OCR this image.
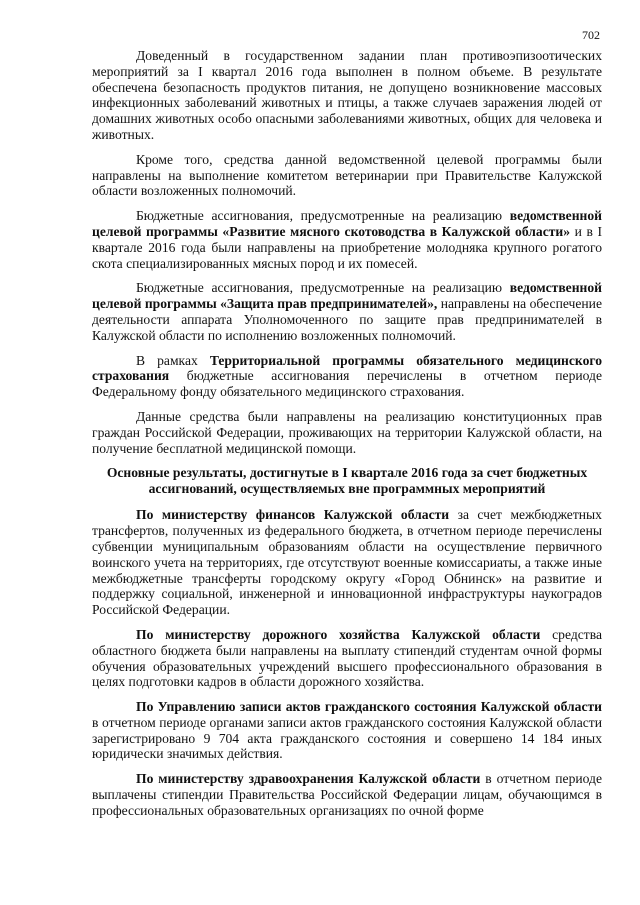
702

Доведенный в государственном задании план противоэпизоотических мероприятий за I квартал 2016 года выполнен в полном объеме. В результате обеспечена безопасность продуктов питания, не допущено возникновение массовых инфекционных заболеваний животных и птицы, а также случаев заражения людей от домашних животных особо опасными заболеваниями животных, общих для человека и животных.

Кроме того, средства данной ведомственной целевой программы были направлены на выполнение комитетом ветеринарии при Правительстве Калужской области возложенных полномочий.

Бюджетные ассигнования, предусмотренные на реализацию ведомственной целевой программы «Развитие мясного скотоводства в Калужской области» и в I квартале 2016 года были направлены на приобретение молодняка крупного рогатого скота специализированных мясных пород и их помесей.

Бюджетные ассигнования, предусмотренные на реализацию ведомственной целевой программы «Защита прав предпринимателей», направлены на обеспечение деятельности аппарата Уполномоченного по защите прав предпринимателей в Калужской области по исполнению возложенных полномочий.

В рамках Территориальной программы обязательного медицинского страхования бюджетные ассигнования перечислены в отчетном периоде Федеральному фонду обязательного медицинского страхования.

Данные средства были направлены на реализацию конституционных прав граждан Российской Федерации, проживающих на территории Калужской области, на получение бесплатной медицинской помощи.

Основные результаты, достигнутые в I квартале 2016 года за счет бюджетных ассигнований, осуществляемых вне программных мероприятий

По министерству финансов Калужской области за счет межбюджетных трансфертов, полученных из федерального бюджета, в отчетном периоде перечислены субвенции муниципальным образованиям области на осуществление первичного воинского учета на территориях, где отсутствуют военные комиссариаты, а также иные межбюджетные трансферты городскому округу «Город Обнинск» на развитие и поддержку социальной, инженерной и инновационной инфраструктуры наукоградов Российской Федерации.

По министерству дорожного хозяйства Калужской области средства областного бюджета были направлены на выплату стипендий студентам очной формы обучения образовательных учреждений высшего профессионального образования в целях подготовки кадров в области дорожного хозяйства.

По Управлению записи актов гражданского состояния Калужской области в отчетном периоде органами записи актов гражданского состояния Калужской области зарегистрировано 9 704 акта гражданского состояния и совершено 14 184 иных юридически значимых действия.

По министерству здравоохранения Калужской области в отчетном периоде выплачены стипендии Правительства Российской Федерации лицам, обучающимся в профессиональных образовательных организациях по очной форме
